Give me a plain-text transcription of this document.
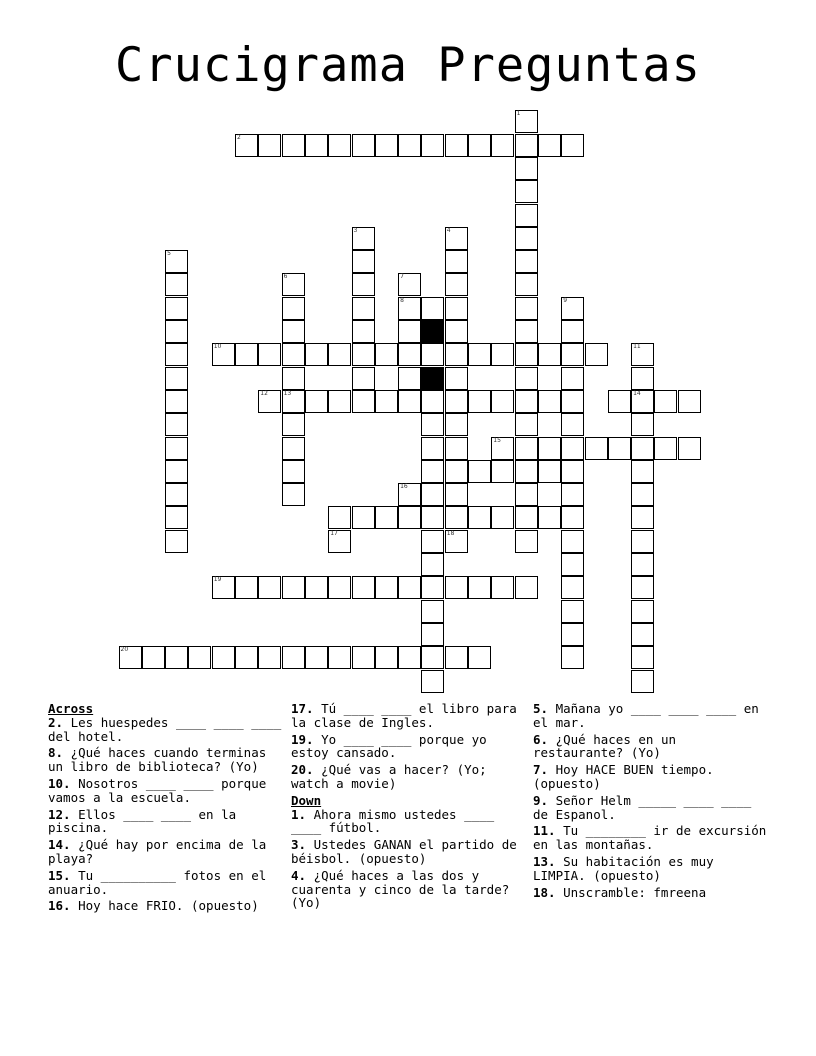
Crucigrama Preguntas
1
2
3	4
5
6
13
7
8
11
14
10
12
15
19
20
9
16
17	18
Across

2. Les huespedes ____ ____ ____ del hotel.

8. ¿Qué haces cuando terminas un libro de biblioteca? (Yo)

10. Nosotros ____ ____ porque vamos a la escuela.

12. Ellos ____ ____ en la piscina.

14. ¿Qué hay por encima de la playa?

15. Tu __________ fotos en el anuario.

16. Hoy hace FRIO. (opuesto)

17. Tú ____ ____ el libro para la clase de Ingles.

19. Yo ____ ____ porque yo estoy cansado.

20. ¿Qué vas a hacer? (Yo; watch a movie)

Down

1. Ahora mismo ustedes ____ ____ fútbol.

3. Ustedes GANAN el partido de béisbol. (opuesto)

4. ¿Qué haces a las dos y cuarenta y cinco de la tarde? (Yo)

5. Mañana yo ____ ____ ____ en el mar.

6. ¿Qué haces en un restaurante? (Yo)

7. Hoy HACE BUEN tiempo. (opuesto)

9. Señor Helm _____ ____ ____ de Espanol.

11. Tu ________ ir de excursión en las montañas.

13. Su habitación es muy LIMPIA. (opuesto)

18. Unscramble: fmreena
